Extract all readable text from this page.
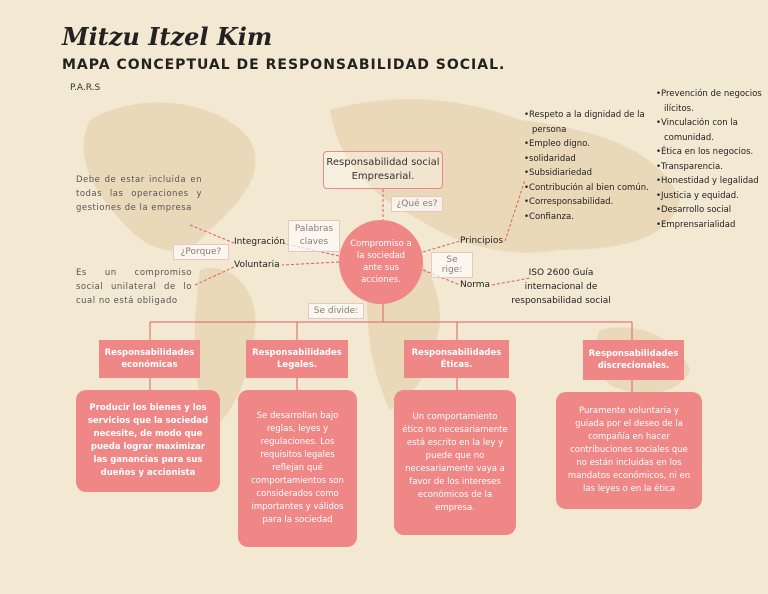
Mitzu Itzel Kim
MAPA CONCEPTUAL DE RESPONSABILIDAD SOCIAL.
P.A.R.S
Responsabilidad social Empresarial.
¿Qué es?
Palabras claves
¿Porque?
Se rige:
Se divide:
Compromiso a la sociedad ante sus acciones.
Integración
Voluntaria
Principios
Norma
Debe de estar incluida en todas las operaciones y gestiones de la empresa
Es un compromiso social unilateral de lo cual no está obligado
ISO 2600 Guía internacional de responsabilidad social
• Respeto a la dignidad de la persona
• Empleo digno.
• solidaridad
• Subsidiariedad
• Contribución al bien común.
• Corresponsabilidad.
• Confianza.
• Prevención de negocios ilícitos.
• Vinculación con la comunidad.
• Ética en los negocios.
• Transparencia.
• Honestidad y legalidad
• Justicia y equidad.
• Desarrollo social
• Emprensarialidad
Responsabilidades económicas
Responsabilidades Legales.
Responsabilidades Éticas.
Responsabilidades discrecionales.
Producir los bienes y los servicios que la sociedad necesite, de modo que pueda lograr maximizar las ganancias para sus dueños y accionista
Se desarrollan bajo reglas, leyes y regulaciones. Los requisitos legales reflejan qué comportamientos son considerados como importantes y válidos para la sociedad
Un comportamiento ético no necesariamente está escrito en la ley y puede que no necesariamente vaya a favor de los intereses económicos de la empresa.
Puramente voluntaria y guiada por el deseo de la compañía en hacer contribuciones sociales que no están incluidas en los mandatos económicos, ni en las leyes o en la ética
